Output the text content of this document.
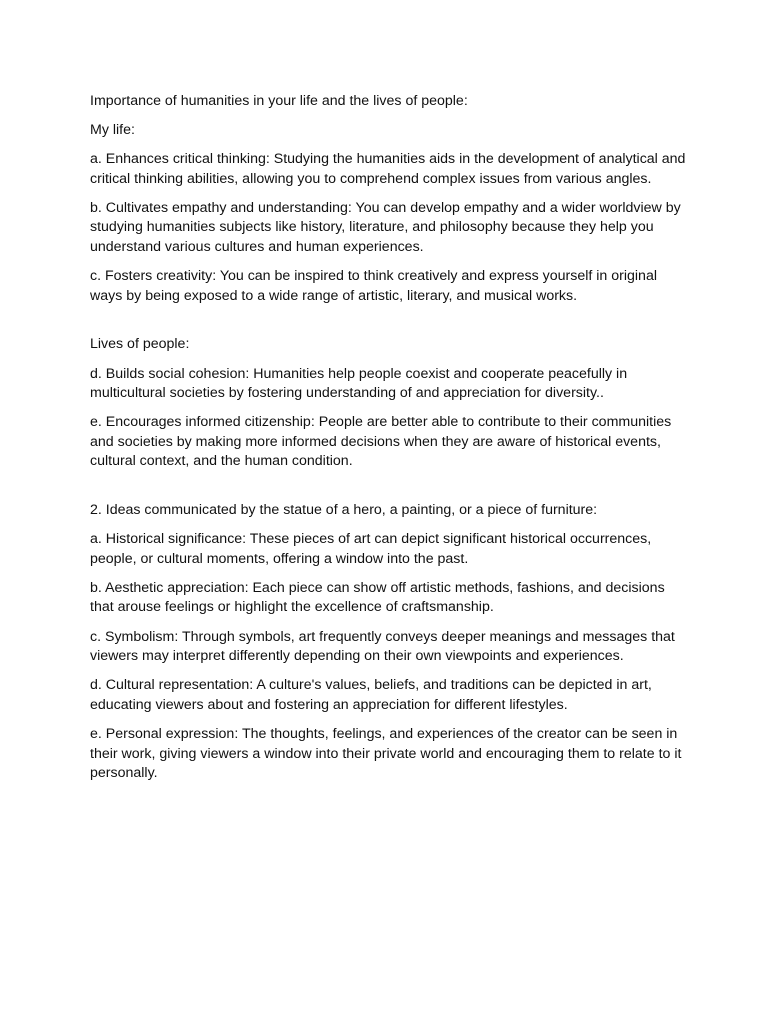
Importance of humanities in your life and the lives of people:

My life:

a. Enhances critical thinking: Studying the humanities aids in the development of analytical and critical thinking abilities, allowing you to comprehend complex issues from various angles.

b. Cultivates empathy and understanding: You can develop empathy and a wider worldview by studying humanities subjects like history, literature, and philosophy because they help you understand various cultures and human experiences.

c. Fosters creativity: You can be inspired to think creatively and express yourself in original ways by being exposed to a wide range of artistic, literary, and musical works.

Lives of people:

d. Builds social cohesion: Humanities help people coexist and cooperate peacefully in multicultural societies by fostering understanding of and appreciation for diversity..

e. Encourages informed citizenship: People are better able to contribute to their communities and societies by making more informed decisions when they are aware of historical events, cultural context, and the human condition.

2. Ideas communicated by the statue of a hero, a painting, or a piece of furniture:

a. Historical significance: These pieces of art can depict significant historical occurrences, people, or cultural moments, offering a window into the past.

b. Aesthetic appreciation: Each piece can show off artistic methods, fashions, and decisions that arouse feelings or highlight the excellence of craftsmanship.

c. Symbolism: Through symbols, art frequently conveys deeper meanings and messages that viewers may interpret differently depending on their own viewpoints and experiences.

d. Cultural representation: A culture's values, beliefs, and traditions can be depicted in art, educating viewers about and fostering an appreciation for different lifestyles.

e. Personal expression: The thoughts, feelings, and experiences of the creator can be seen in their work, giving viewers a window into their private world and encouraging them to relate to it personally.
